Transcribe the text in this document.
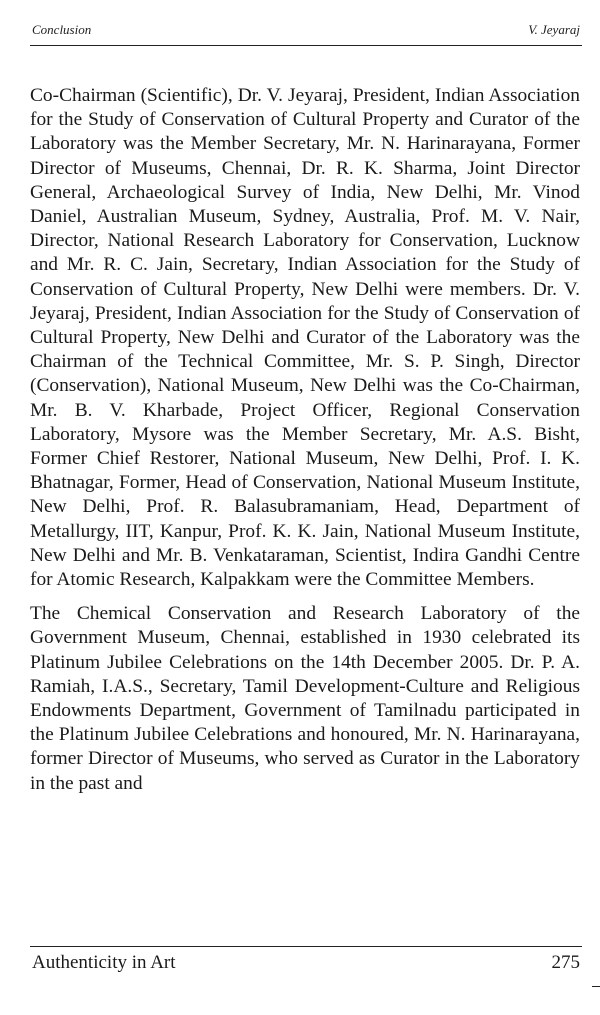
Conclusion	V. Jeyaraj

Co-Chairman (Scientific), Dr. V. Jeyaraj, President, Indian Association for the Study of Conservation of Cultural Property and Curator of the Laboratory was the Member Secretary, Mr. N. Harinarayana, Former Director of Museums, Chennai, Dr. R. K. Sharma, Joint Director General, Archaeological Survey of India, New Delhi, Mr. Vinod Daniel, Australian Museum, Sydney, Australia, Prof. M. V. Nair, Director, National Research Laboratory for Conservation, Lucknow and Mr. R. C. Jain, Secretary, Indian Association for the Study of Conservation of Cultural Property, New Delhi were members. Dr. V. Jeyaraj, President, Indian Association for the Study of Conservation of Cultural Property, New Delhi and Curator of the Laboratory was the Chairman of the Technical Committee, Mr. S. P. Singh, Director (Conservation), National Museum, New Delhi was the Co-Chairman, Mr. B. V. Kharbade, Project Officer, Regional Conservation Laboratory, Mysore was the Member Secretary, Mr. A.S. Bisht, Former Chief Restorer, National Museum, New Delhi, Prof. I. K. Bhatnagar, Former, Head of Conservation, National Museum Institute, New Delhi, Prof. R. Balasubramaniam, Head, Department of Metallurgy, IIT, Kanpur, Prof. K. K. Jain, National Museum Institute, New Delhi and Mr. B. Venkataraman, Scientist, Indira Gandhi Centre for Atomic Research, Kalpakkam were the Committee Members.

The Chemical Conservation and Research Laboratory of the Government Museum, Chennai, established in 1930 celebrated its Platinum Jubilee Celebrations on the 14th December 2005. Dr. P. A. Ramiah, I.A.S., Secretary, Tamil Development-Culture and Religious Endowments Department, Government of Tamilnadu participated in the Platinum Jubilee Celebrations and honoured, Mr. N. Harinarayana, former Director of Museums, who served as Curator in the Laboratory in the past and

Authenticity in Art	275
